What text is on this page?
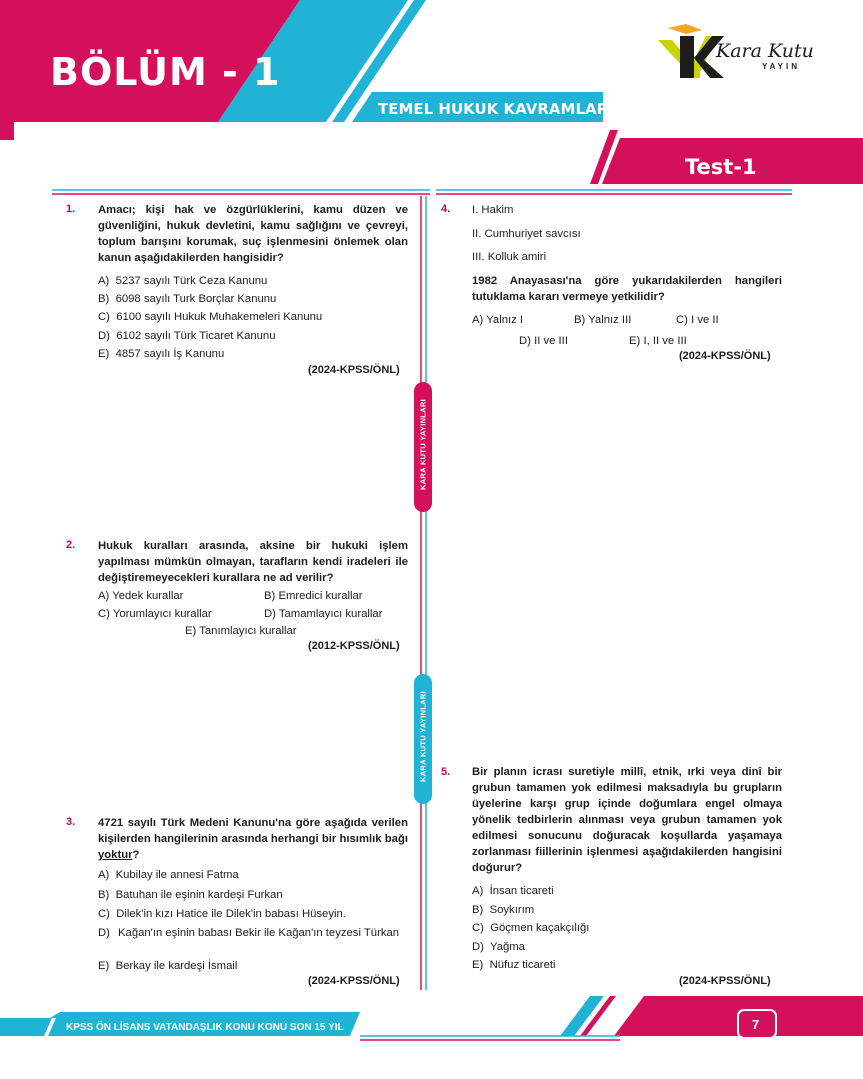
BÖLÜM - 1
TEMEL HUKUK KAVRAMLARI
Test-1
Kara Kutu
YAYIN
KARA KUTU YAYINLARI
KARA KUTU YAYINLARI
1. Amacı; kişi hak ve özgürlüklerini, kamu düzen ve güvenliğini, hukuk devletini, kamu sağlığını ve çevreyi, toplum barışını korumak, suç işlenmesini önlemek olan kanun aşağıdakilerden hangisidir?
A) 5237 sayılı Türk Ceza Kanunu
B) 6098 sayılı Turk Borçlar Kanunu
C) 6100 sayılı Hukuk Muhakemeleri Kanunu
D) 6102 sayılı Türk Ticaret Kanunu
E) 4857 sayılı İş Kanunu
(2024-KPSS/ÖNL)
2. Hukuk kuralları arasında, aksine bir hukuki işlem yapılması mümkün olmayan, tarafların kendi iradeleri ile değiştiremeyecekleri kurallara ne ad verilir?
A) Yedek kurallar	B) Emredici kurallar
C) Yorumlayıcı kurallar	D) Tamamlayıcı kurallar
E) Tanımlayıcı kurallar
(2012-KPSS/ÖNL)
3. 4721 sayılı Türk Medeni Kanunu'na göre aşağıda verilen kişilerden hangilerinin arasında herhangi bir hısımlık bağı yoktur?
A) Kubilay ile annesi Fatma
B) Batuhan ile eşinin kardeşi Furkan
C) Dilek'in kızı Hatice ile Dilek'in babası Hüseyin.
D) Kağan'ın eşinin babası Bekir ile Kağan'ın teyzesi Türkan
E) Berkay ile kardeşi İsmail
(2024-KPSS/ÖNL)
4. I. Hakim
II. Cumhuriyet savcısı
III. Kolluk amiri
1982 Anayasası'na göre yukarıdakilerden hangileri tutuklama kararı vermeye yetkilidir?
A) Yalnız I	B) Yalnız III	C) I ve II
D) II ve III	E) I, II ve III
(2024-KPSS/ÖNL)
5. Bir planın icrası suretiyle millî, etnik, ırki veya dinî bir grubun tamamen yok edilmesi maksadıyla bu grupların üyelerine karşı grup içinde doğumlara engel olmaya yönelik tedbirlerin alınması veya grubun tamamen yok edilmesi sonucunu doğuracak koşullarda yaşamaya zorlanması fiillerinin işlenmesi aşağıdakilerden hangisini doğurur?
A) İnsan ticareti
B) Soykırım
C) Göçmen kaçakçılığı
D) Yağma
E) Nüfuz ticareti
(2024-KPSS/ÖNL)
KPSS ÖN LİSANS VATANDAŞLIK KONU KONU SON 15 YIL	7
